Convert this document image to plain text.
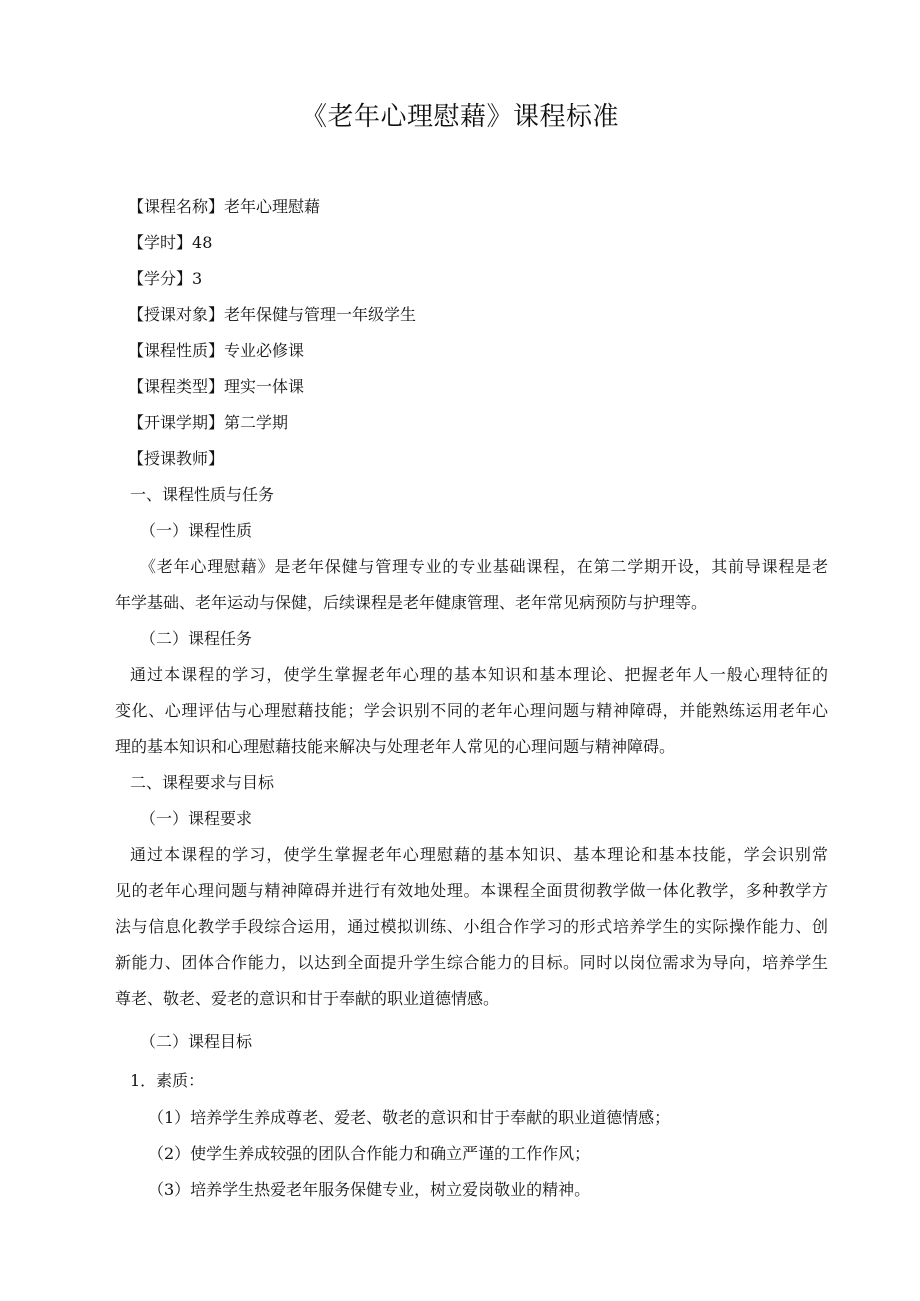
《老年心理慰藉》课程标准
【课程名称】老年心理慰藉
【学时】48
【学分】3
【授课对象】老年保健与管理一年级学生
【课程性质】专业必修课
【课程类型】理实一体课
【开课学期】第二学期
【授课教师】
一、课程性质与任务
（一）课程性质
《老年心理慰藉》是老年保健与管理专业的专业基础课程，在第二学期开设，其前导课程是老
年学基础、老年运动与保健，后续课程是老年健康管理、老年常见病预防与护理等。
（二）课程任务
通过本课程的学习，使学生掌握老年心理的基本知识和基本理论、把握老年人一般心理特征的
变化、心理评估与心理慰藉技能；学会识别不同的老年心理问题与精神障碍，并能熟练运用老年心
理的基本知识和心理慰藉技能来解决与处理老年人常见的心理问题与精神障碍。
二、课程要求与目标
（一）课程要求
通过本课程的学习，使学生掌握老年心理慰藉的基本知识、基本理论和基本技能，学会识别常
见的老年心理问题与精神障碍并进行有效地处理。本课程全面贯彻教学做一体化教学，多种教学方
法与信息化教学手段综合运用，通过模拟训练、小组合作学习的形式培养学生的实际操作能力、创
新能力、团体合作能力，以达到全面提升学生综合能力的目标。同时以岗位需求为导向，培养学生
尊老、敬老、爱老的意识和甘于奉献的职业道德情感。
（二）课程目标
1．素质：
（1）培养学生养成尊老、爱老、敬老的意识和甘于奉献的职业道德情感；
（2）使学生养成较强的团队合作能力和确立严谨的工作作风；
（3）培养学生热爱老年服务保健专业，树立爱岗敬业的精神。
